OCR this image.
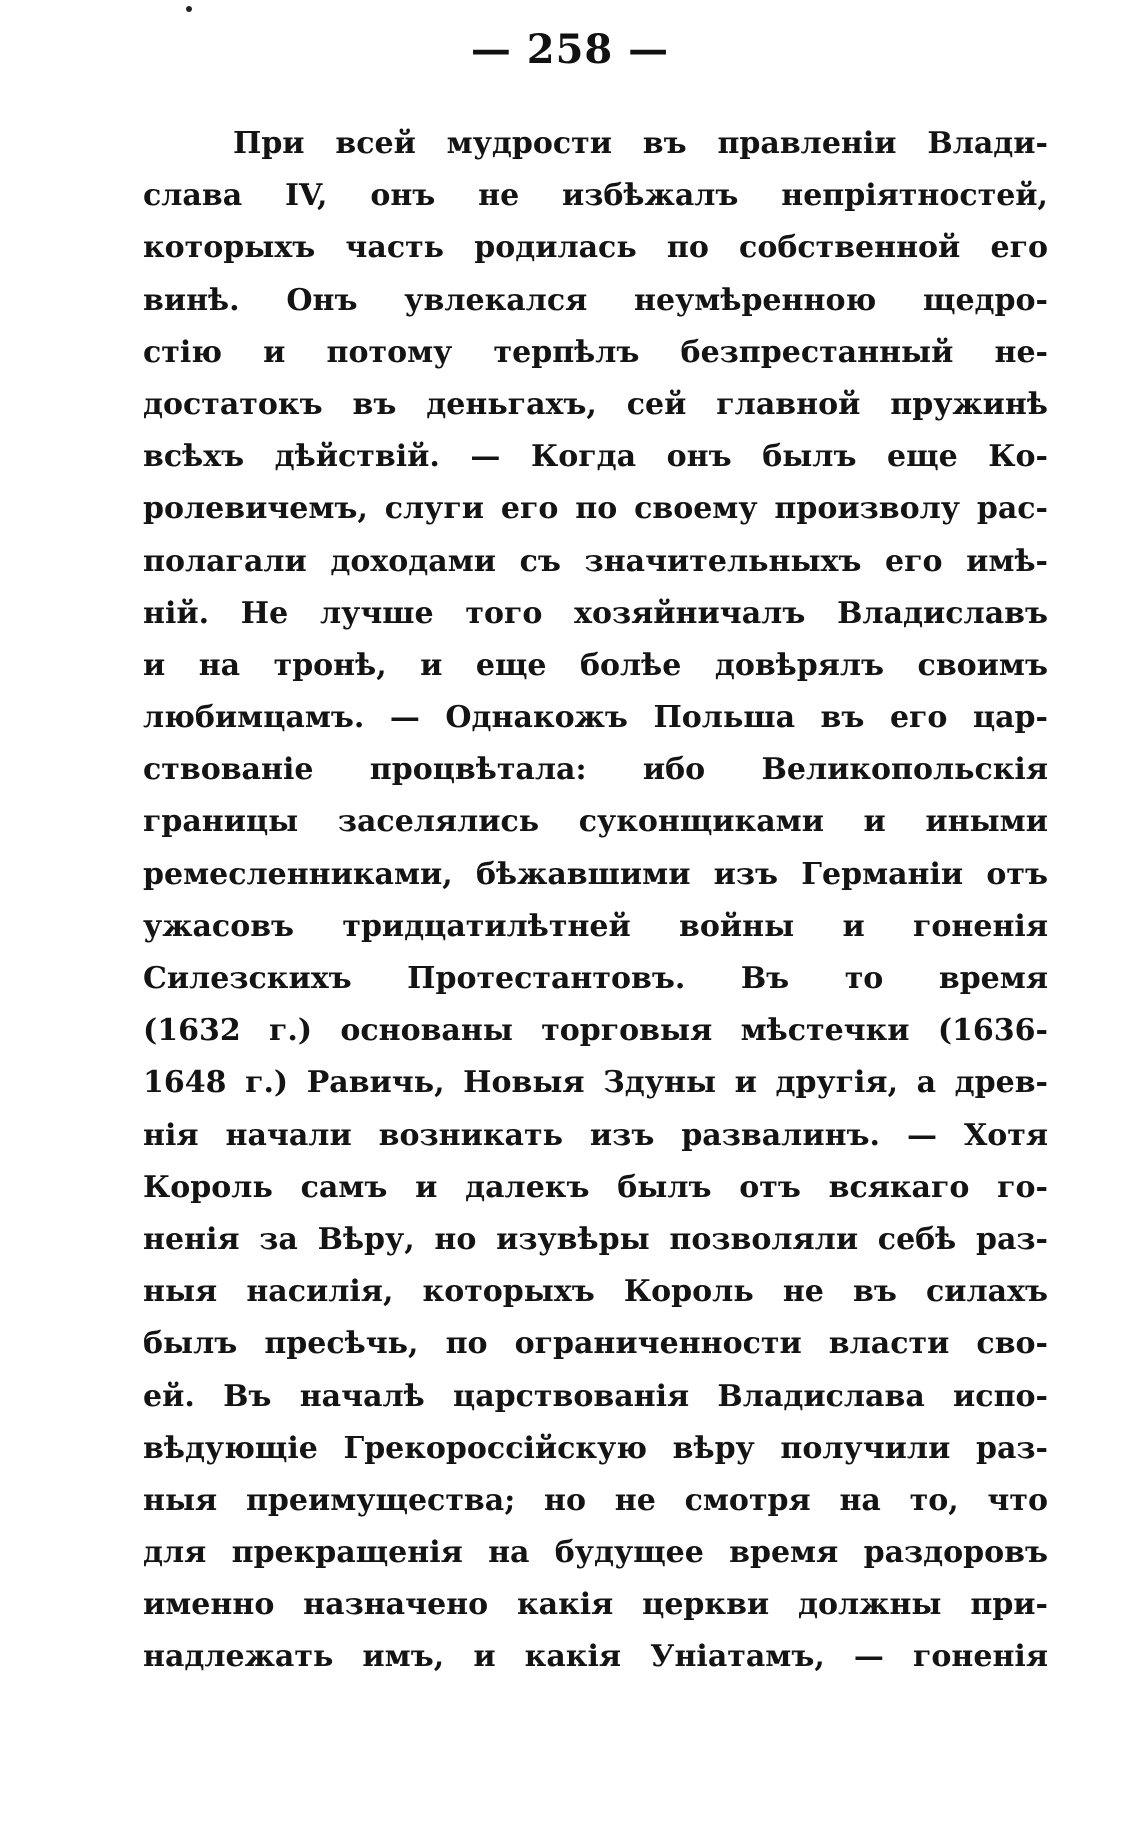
— 258 —
При всей мудрости въ правленіи Влади-
слава IV, онъ не избѣжалъ непріятностей,
которыхъ часть родилась по собственной его
винѣ. Онъ увлекался неумѣренною щедро-
стію и потому терпѣлъ безпрестанный не-
достатокъ въ деньгахъ, сей главной пружинѣ
всѣхъ дѣйствій. — Когда онъ былъ еще Ко-
ролевичемъ, слуги его по своему произволу рас-
полагали доходами съ значительныхъ его имѣ-
ній. Не лучше того хозяйничалъ Владиславъ
и на тронѣ, и еще болѣе довѣрялъ своимъ
любимцамъ. — Однакожъ Польша въ его цар-
ствованіе процвѣтала: ибо Великопольскія
границы заселялись суконщиками и иными
ремесленниками, бѣжавшими изъ Германіи отъ
ужасовъ тридцатилѣтней войны и гоненія
Силезскихъ Протестантовъ. Въ то время
(1632 г.) основаны торговыя мѣстечки (1636-
1648 г.) Равичь, Новыя Здуны и другія, а древ-
нія начали возникать изъ развалинъ. — Хотя
Король самъ и далекъ былъ отъ всякаго го-
ненія за Вѣру, но изувѣры позволяли себѣ раз-
ныя насилія, которыхъ Король не въ силахъ
былъ пресѣчь, по ограниченности власти сво-
ей. Въ началѣ царствованія Владислава испо-
вѣдующіе Грекороссійскую вѣру получили раз-
ныя преимущества; но не смотря на то, что
для прекращенія на будущее время раздоровъ
именно назначено какія церкви должны при-
надлежать имъ, и какія Уніатамъ, — гоненія
